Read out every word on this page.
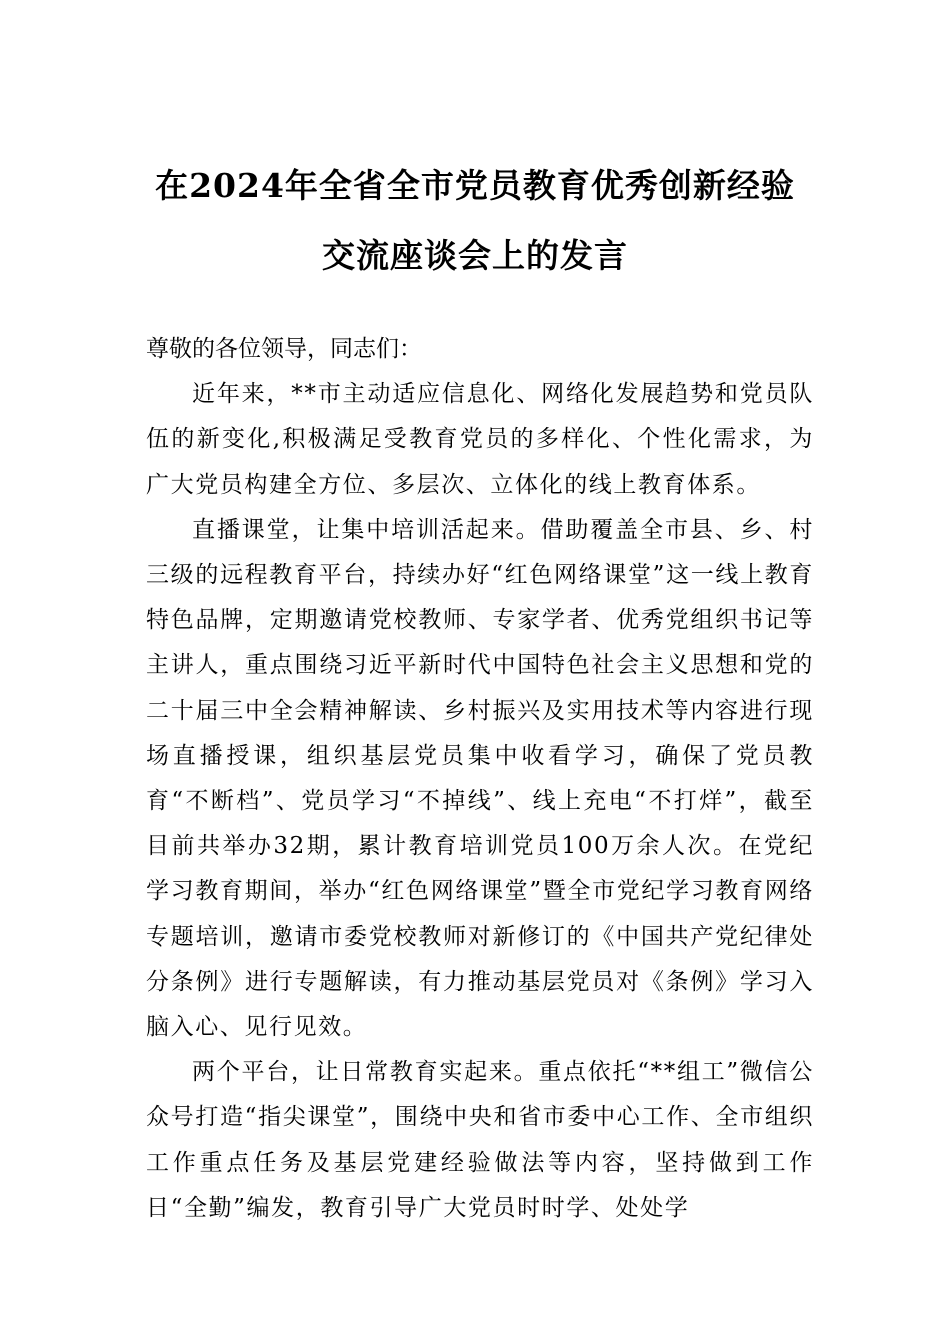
在2024年全省全市党员教育优秀创新经验
交流座谈会上的发言

尊敬的各位领导，同志们：

近年来，**市主动适应信息化、网络化发展趋势和党员队伍的新变化,积极满足受教育党员的多样化、个性化需求，为广大党员构建全方位、多层次、立体化的线上教育体系。

直播课堂，让集中培训活起来。借助覆盖全市县、乡、村三级的远程教育平台，持续办好“红色网络课堂”这一线上教育特色品牌，定期邀请党校教师、专家学者、优秀党组织书记等主讲人，重点围绕习近平新时代中国特色社会主义思想和党的二十届三中全会精神解读、乡村振兴及实用技术等内容进行现场直播授课，组织基层党员集中收看学习，确保了党员教育“不断档”、党员学习“不掉线”、线上充电“不打烊”，截至目前共举办32期，累计教育培训党员100万余人次。在党纪学习教育期间，举办“红色网络课堂”暨全市党纪学习教育网络专题培训，邀请市委党校教师对新修订的《中国共产党纪律处分条例》进行专题解读，有力推动基层党员对《条例》学习入脑入心、见行见效。

两个平台，让日常教育实起来。重点依托“**组工”微信公众号打造“指尖课堂”，围绕中央和省市委中心工作、全市组织工作重点任务及基层党建经验做法等内容，坚持做到工作日“全勤”编发，教育引导广大党员时时学、处处学
